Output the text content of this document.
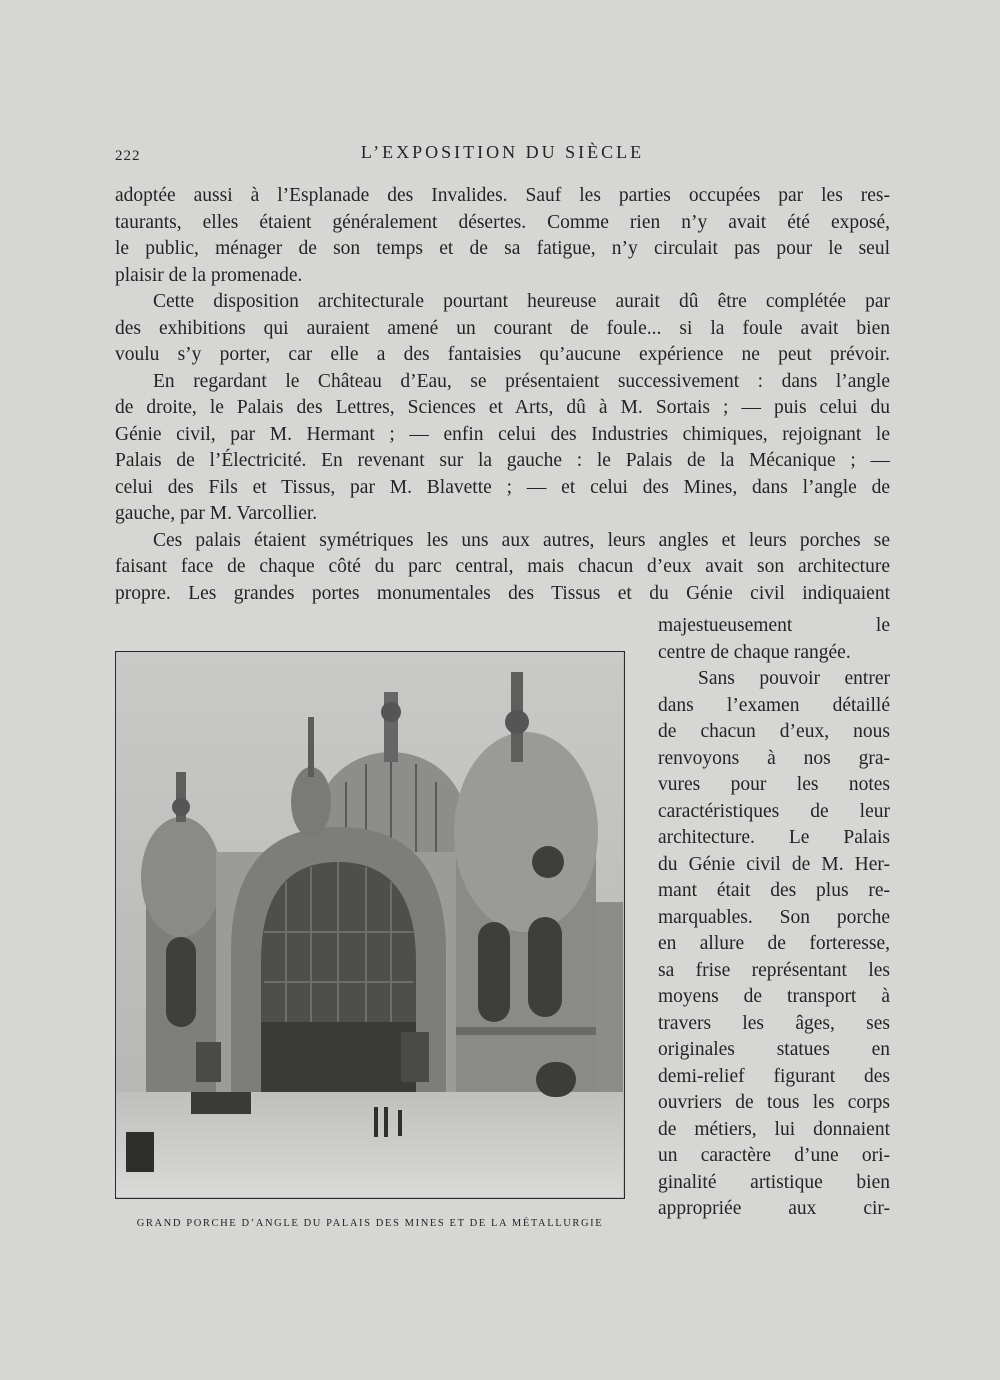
222	L’EXPOSITION DU SIÈCLE

adoptée aussi à l’Esplanade des Invalides. Sauf les parties occupées par les res-
taurants, elles étaient généralement désertes. Comme rien n’y avait été exposé,
le public, ménager de son temps et de sa fatigue, n’y circulait pas pour le seul
plaisir de la promenade.

Cette disposition architecturale pourtant heureuse aurait dû être complétée par
des exhibitions qui auraient amené un courant de foule... si la foule avait bien
voulu s’y porter, car elle a des fantaisies qu’aucune expérience ne peut prévoir.

En regardant le Château d’Eau, se présentaient successivement : dans l’angle
de droite, le Palais des Lettres, Sciences et Arts, dû à M. Sortais ; — puis celui du
Génie civil, par M. Hermant ; — enfin celui des Industries chimiques, rejoignant le
Palais de l’Électricité. En revenant sur la gauche : le Palais de la Mécanique ; —
celui des Fils et Tissus, par M. Blavette ; — et celui des Mines, dans l’angle de
gauche, par M. Varcollier.

Ces palais étaient symétriques les uns aux autres, leurs angles et leurs porches se
faisant face de chaque côté du parc central, mais chacun d’eux avait son architecture
propre. Les grandes portes monumentales des Tissus et du Génie civil indiquaient

GRAND PORCHE D’ANGLE DU PALAIS DES MINES ET DE LA MÉTALLURGIE
majestueusement le
centre de chaque rangée.
Sans pouvoir entrer
dans l’examen détaillé
de chacun d’eux, nous
renvoyons à nos gra-
vures pour les notes
caractéristiques de leur
architecture. Le Palais
du Génie civil de M. Her-
mant était des plus re-
marquables. Son porche
en allure de forteresse,
sa frise représentant les
moyens de transport à
travers les âges, ses
originales statues en
demi-relief figurant des
ouvriers de tous les corps
de métiers, lui donnaient
un caractère d’une ori-
ginalité artistique bien
appropriée aux cir-
